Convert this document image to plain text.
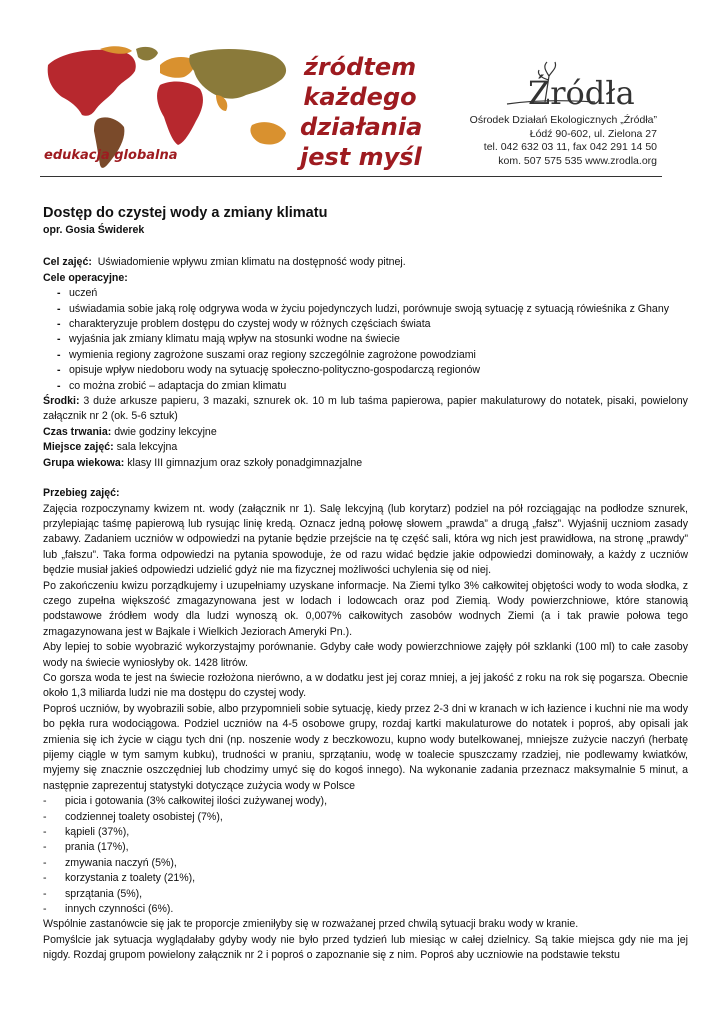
edukacja globalna
źródtem
każdego
działania
jest myśl
Źródła
Ośrodek Działań Ekologicznych „Źródła”
Łódź 90-602, ul. Zielona 27
tel. 042 632 03 11, fax 042 291 14 50
kom. 507 575 535 www.zrodla.org
Dostęp do czystej wody a zmiany klimatu
opr. Gosia Świderek

Cel zajęć: Uświadomienie wpływu zmian klimatu na dostępność wody pitnej.

Cele operacyjne:

- uczeń
- uświadamia sobie jaką rolę odgrywa woda w życiu pojedynczych ludzi, porównuje swoją sytuację z sytuacją rówieśnika z Ghany
- charakteryzuje problem dostępu do czystej wody w różnych częściach świata
- wyjaśnia jak zmiany klimatu mają wpływ na stosunki wodne na świecie
- wymienia regiony zagrożone suszami oraz regiony szczególnie zagrożone powodziami
- opisuje wpływ niedoboru wody na sytuację społeczno-polityczno-gospodarczą regionów
- co można zrobić – adaptacja do zmian klimatu

Środki: 3 duże arkusze papieru, 3 mazaki, sznurek ok. 10 m lub taśma papierowa, papier makulaturowy do notatek, pisaki, powielony załącznik nr 2 (ok. 5-6 sztuk)

Czas trwania: dwie godziny lekcyjne

Miejsce zajęć: sala lekcyjna

Grupa wiekowa: klasy III gimnazjum oraz szkoły ponadgimnazjalne

Przebieg zajęć:

Zajęcia rozpoczynamy kwizem nt. wody (załącznik nr 1). Salę lekcyjną (lub korytarz) podziel na pół rozciągając na podłodze sznurek, przylepiając taśmę papierową lub rysując linię kredą. Oznacz jedną połowę słowem „prawda” a drugą „fałsz”. Wyjaśnij uczniom zasady zabawy. Zadaniem uczniów w odpowiedzi na pytanie będzie przejście na tę część sali, która wg nich jest prawidłowa, na stronę „prawdy” lub „fałszu”. Taka forma odpowiedzi na pytania spowoduje, że od razu widać będzie jakie odpowiedzi dominowały, a każdy z uczniów będzie musiał jakieś odpowiedzi udzielić gdyż nie ma fizycznej możliwości uchylenia się od niej.

Po zakończeniu kwizu porządkujemy i uzupełniamy uzyskane informacje. Na Ziemi tylko 3% całkowitej objętości wody to woda słodka, z czego zupełna większość zmagazynowana jest w lodach i lodowcach oraz pod Ziemią. Wody powierzchniowe, które stanowią podstawowe źródłem wody dla ludzi wynoszą ok. 0,007% całkowitych zasobów wodnych Ziemi (a i tak prawie połowa tego zmagazynowana jest w Bajkale i Wielkich Jeziorach Ameryki Pn.).

Aby lepiej to sobie wyobrazić wykorzystajmy porównanie. Gdyby całe wody powierzchniowe zajęły pół szklanki (100 ml) to całe zasoby wody na świecie wyniosłyby ok. 1428 litrów.

Co gorsza woda te jest na świecie rozłożona nierówno, a w dodatku jest jej coraz mniej, a jej jakość z roku na rok się pogarsza. Obecnie około 1,3 miliarda ludzi nie ma dostępu do czystej wody.

Poproś uczniów, by wyobrazili sobie, albo przypomnieli sobie sytuację, kiedy przez 2-3 dni w kranach w ich łazience i kuchni nie ma wody bo pękła rura wodociągowa. Podziel uczniów na 4-5 osobowe grupy, rozdaj kartki makulaturowe do notatek i poproś, aby opisali jak zmienia się ich życie w ciągu tych dni (np. noszenie wody z beczkowozu, kupno wody butelkowanej, mniejsze zużycie naczyń (herbatę pijemy ciągle w tym samym kubku), trudności w praniu, sprzątaniu, wodę w toalecie spuszczamy rzadziej, nie podlewamy kwiatków, myjemy się znacznie oszczędniej lub chodzimy umyć się do kogoś innego). Na wykonanie zadania przeznacz maksymalnie 5 minut, a następnie zaprezentuj statystyki dotyczące zużycia wody w Polsce

- picia i gotowania (3% całkowitej ilości zużywanej wody),
- codziennej toalety osobistej (7%),
- kąpieli (37%),
- prania (17%),
- zmywania naczyń (5%),
- korzystania z toalety (21%),
- sprzątania (5%),
- innych czynności (6%).

Wspólnie zastanówcie się jak te proporcje zmieniłyby się w rozważanej przed chwilą sytuacji braku wody w kranie.

Pomyślcie jak sytuacja wyglądałaby gdyby wody nie było przed tydzień lub miesiąc w całej dzielnicy. Są takie miejsca gdy nie ma jej nigdy. Rozdaj grupom powielony załącznik nr 2 i poproś o zapoznanie się z nim. Poproś aby uczniowie na podstawie tekstu
